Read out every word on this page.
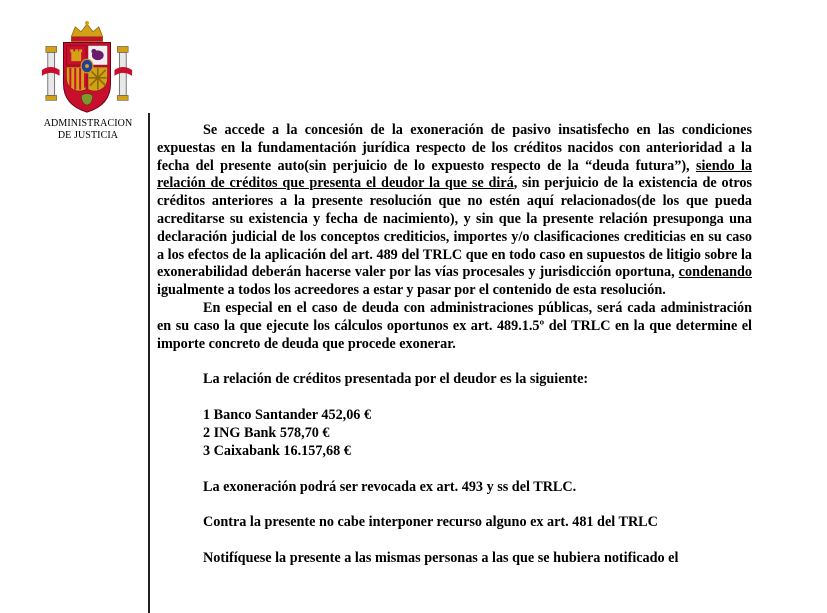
ADMINISTRACION
DE JUSTICIA	Se accede a la concesión de la exoneración de pasivo insatisfecho en las condiciones expuestas en la fundamentación jurídica respecto de los créditos nacidos con anterioridad a la fecha del presente auto(sin perjuicio de lo expuesto respecto de la “deuda futura”), siendo la relación de créditos que presenta el deudor la que se dirá, sin perjuicio de la existencia de otros créditos anteriores a la presente resolución que no estén aquí relacionados(de los que pueda acreditarse su existencia y fecha de nacimiento), y sin que la presente relación presuponga una declaración judicial de los conceptos crediticios, importes y/o clasificaciones crediticias en su caso a los efectos de la aplicación del art. 489 del TRLC que en todo caso en supuestos de litigio sobre la exonerabilidad deberán hacerse valer por las vías procesales y jurisdicción oportuna, condenando igualmente a todos los acreedores a estar y pasar por el contenido de esta resolución.

En especial en el caso de deuda con administraciones públicas, será cada administración en su caso la que ejecute los cálculos oportunos ex art. 489.1.5º del TRLC en la que determine el importe concreto de deuda que procede exonerar.

La relación de créditos presentada por el deudor es la siguiente:

1 Banco Santander 452,06 €
2 ING Bank 578,70 €
3 Caixabank 16.157,68 €

La exoneración podrá ser revocada ex art. 493 y ss del TRLC.

Contra la presente no cabe interponer recurso alguno ex art. 481 del TRLC

Notifíquese la presente a las mismas personas a las que se hubiera notificado el
